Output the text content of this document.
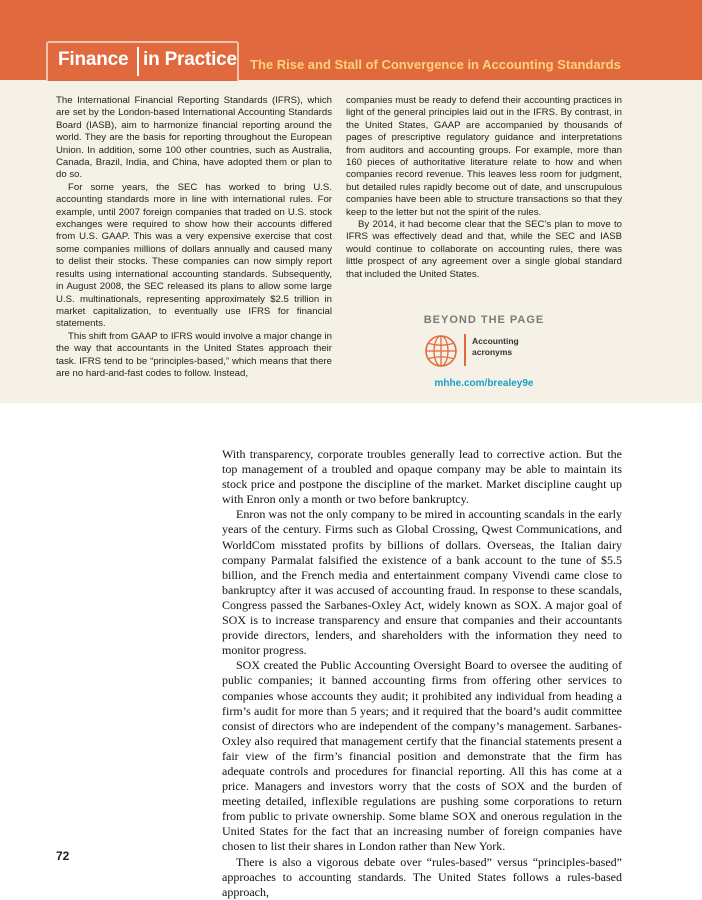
Finance in Practice The Rise and Stall of Convergence in Accounting Standards

The International Financial Reporting Standards (IFRS), which are set by the London-based International Accounting Standards Board (IASB), aim to harmonize financial reporting around the world. They are the basis for reporting throughout the European Union. In addition, some 100 other countries, such as Australia, Canada, Brazil, India, and China, have adopted them or plan to do so.

For some years, the SEC has worked to bring U.S. accounting standards more in line with international rules. For example, until 2007 foreign companies that traded on U.S. stock exchanges were required to show how their accounts differed from U.S. GAAP. This was a very expensive exercise that cost some companies millions of dollars annually and caused many to delist their stocks. These companies can now simply report results using international accounting standards. Subsequently, in August 2008, the SEC released its plans to allow some large U.S. multinationals, representing approximately $2.5 trillion in market capitalization, to eventually use IFRS for financial statements.

This shift from GAAP to IFRS would involve a major change in the way that accountants in the United States approach their task. IFRS tend to be “principles-based,” which means that there are no hard-and-fast codes to follow. Instead,

companies must be ready to defend their accounting practices in light of the general principles laid out in the IFRS. By contrast, in the United States, GAAP are accompanied by thousands of pages of prescriptive regulatory guidance and interpretations from auditors and accounting groups. For example, more than 160 pieces of authoritative literature relate to how and when companies record revenue. This leaves less room for judgment, but detailed rules rapidly become out of date, and unscrupulous companies have been able to structure transactions so that they keep to the letter but not the spirit of the rules.

By 2014, it had become clear that the SEC’s plan to move to IFRS was effectively dead and that, while the SEC and IASB would continue to collaborate on accounting rules, there was little prospect of any agreement over a single global standard that included the United States.

BEYOND THE PAGE

Accounting
acronyms

mhhe.com/brealey9e

With transparency, corporate troubles generally lead to corrective action. But the top management of a troubled and opaque company may be able to maintain its stock price and postpone the discipline of the market. Market discipline caught up with Enron only a month or two before bankruptcy.

Enron was not the only company to be mired in accounting scandals in the early years of the century. Firms such as Global Crossing, Qwest Communications, and WorldCom misstated profits by billions of dollars. Overseas, the Italian dairy company Parmalat falsified the existence of a bank account to the tune of $5.5 billion, and the French media and entertainment company Vivendi came close to bankruptcy after it was accused of accounting fraud. In response to these scandals, Congress passed the Sarbanes-Oxley Act, widely known as SOX. A major goal of SOX is to increase transparency and ensure that companies and their accountants provide directors, lenders, and shareholders with the information they need to monitor progress.

SOX created the Public Accounting Oversight Board to oversee the auditing of public companies; it banned accounting firms from offering other services to companies whose accounts they audit; it prohibited any individual from heading a firm’s audit for more than 5 years; and it required that the board’s audit committee consist of directors who are independent of the company’s management. Sarbanes-Oxley also required that management certify that the financial statements present a fair view of the firm’s financial position and demonstrate that the firm has adequate controls and procedures for financial reporting. All this has come at a price. Managers and investors worry that the costs of SOX and the burden of meeting detailed, inflexible regulations are pushing some corporations to return from public to private ownership. Some blame SOX and onerous regulation in the United States for the fact that an increasing number of foreign companies have chosen to list their shares in London rather than New York.

There is also a vigorous debate over “rules-based” versus “principles-based” approaches to accounting standards. The United States follows a rules-based approach,

72
